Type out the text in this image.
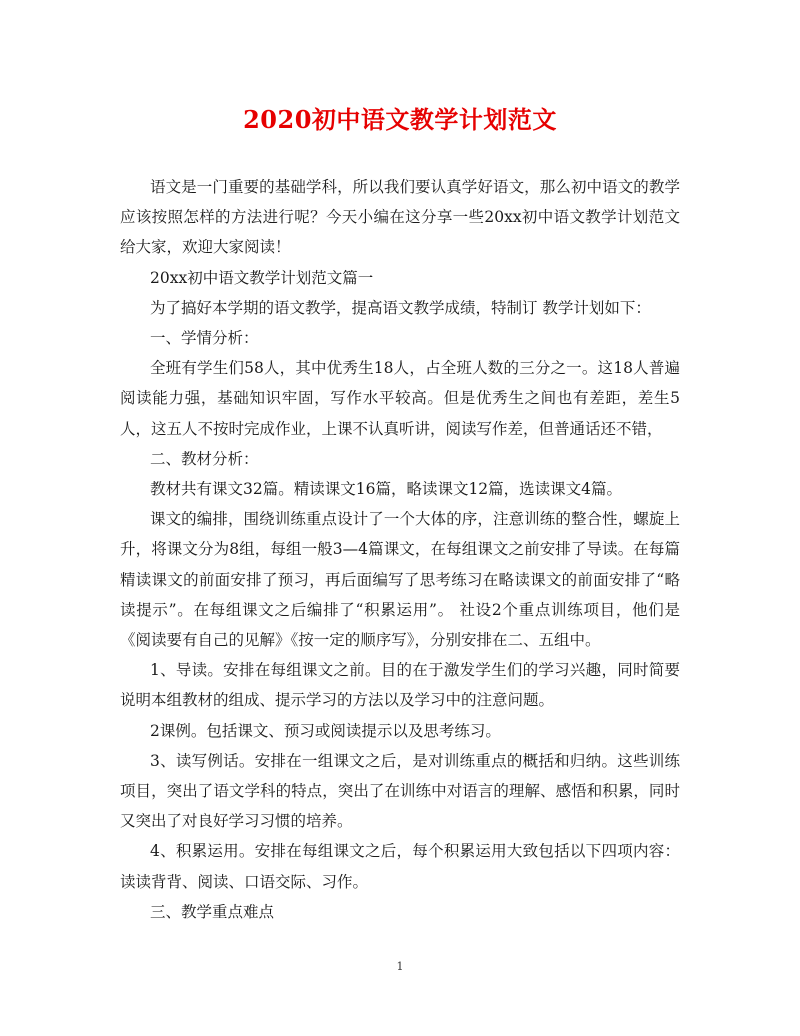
2020初中语文教学计划范文

语文是一门重要的基础学科，所以我们要认真学好语文，那么初中语文的教学应该按照怎样的方法进行呢？今天小编在这分享一些20xx初中语文教学计划范文给大家，欢迎大家阅读！

20xx初中语文教学计划范文篇一

为了搞好本学期的语文教学，提高语文教学成绩，特制订 教学计划如下：

一、学情分析：

全班有学生们58人，其中优秀生18人，占全班人数的三分之一。这18人普遍阅读能力强，基础知识牢固，写作水平较高。但是优秀生之间也有差距，差生5人，这五人不按时完成作业，上课不认真听讲，阅读写作差，但普通话还不错，

二、教材分析：

教材共有课文32篇。精读课文16篇，略读课文12篇，选读课文4篇。

课文的编排，围绕训练重点设计了一个大体的序，注意训练的整合性，螺旋上升，将课文分为8组，每组一般3—4篇课文，在每组课文之前安排了导读。在每篇精读课文的前面安排了预习，再后面编写了思考练习在略读课文的前面安排了“略读提示”。在每组课文之后编排了“积累运用”。 社设2个重点训练项目，他们是《阅读要有自己的见解》《按一定的顺序写》，分别安排在二、五组中。

1、导读。安排在每组课文之前。目的在于激发学生们的学习兴趣，同时简要说明本组教材的组成、提示学习的方法以及学习中的注意问题。

2课例。包括课文、预习或阅读提示以及思考练习。

3、读写例话。安排在一组课文之后，是对训练重点的概括和归纳。这些训练项目，突出了语文学科的特点，突出了在训练中对语言的理解、感悟和积累，同时又突出了对良好学习习惯的培养。

4、积累运用。安排在每组课文之后，每个积累运用大致包括以下四项内容：读读背背、阅读、口语交际、习作。

三、教学重点难点

1
